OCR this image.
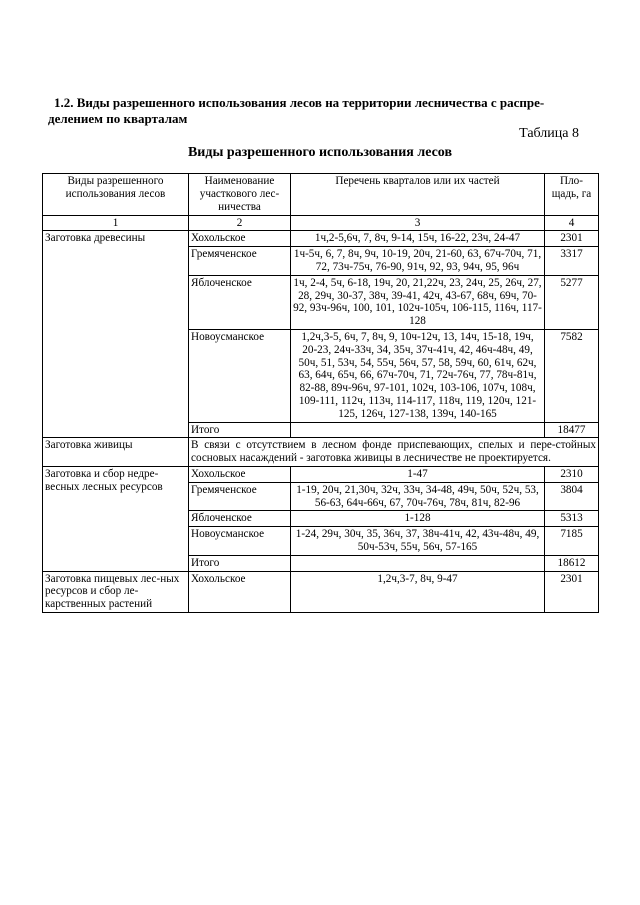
1.2. Виды разрешенного использования лесов на территории лесничества с распре-делением по кварталам
Таблица 8
Виды разрешенного использования лесов
Виды разрешенного использования лесов	Наименование участкового лес-ничества	Перечень кварталов или их частей	Пло-щадь, га
1	2	3	4
Заготовка древесины	Хохольское	1ч,2-5,6ч, 7, 8ч, 9-14, 15ч, 16-22, 23ч, 24-47	2301
	Гремяченское	1ч-5ч, 6, 7, 8ч, 9ч, 10-19, 20ч, 21-60, 63, 67ч-70ч, 71, 72, 73ч-75ч, 76-90, 91ч, 92, 93, 94ч, 95, 96ч	3317
	Яблоченское	1ч, 2-4, 5ч, 6-18, 19ч, 20, 21,22ч, 23, 24ч, 25, 26ч, 27, 28, 29ч, 30-37, 38ч, 39-41, 42ч, 43-67, 68ч, 69ч, 70-92, 93ч-96ч, 100, 101, 102ч-105ч, 106-115, 116ч, 117-128	5277
	Новоусманское	1,2ч,3-5, 6ч, 7, 8ч, 9, 10ч-12ч, 13, 14ч, 15-18, 19ч, 20-23, 24ч-33ч, 34, 35ч, 37ч-41ч, 42, 46ч-48ч, 49, 50ч, 51, 53ч, 54, 55ч, 56ч, 57, 58, 59ч, 60, 61ч, 62ч, 63, 64ч, 65ч, 66, 67ч-70ч, 71, 72ч-76ч, 77, 78ч-81ч, 82-88, 89ч-96ч, 97-101, 102ч, 103-106, 107ч, 108ч, 109-111, 112ч, 113ч, 114-117, 118ч, 119, 120ч, 121-125, 126ч, 127-138, 139ч, 140-165	7582
	Итого		18477
Заготовка живицы	В связи с отсутствием в лесном фонде приспевающих, спелых и пере-стойных сосновых насаждений - заготовка живицы в лесничестве не проектируется.		
Заготовка и сбор недре-весных лесных ресурсов	Хохольское	1-47	2310
	Гремяченское	1-19, 20ч, 21,30ч, 32ч, 33ч, 34-48, 49ч, 50ч, 52ч, 53, 56-63, 64ч-66ч, 67, 70ч-76ч, 78ч, 81ч, 82-96	3804
	Яблоченское	1-128	5313
	Новоусманское	1-24, 29ч, 30ч, 35, 36ч, 37, 38ч-41ч, 42, 43ч-48ч, 49, 50ч-53ч, 55ч, 56ч, 57-165	7185
	Итого		18612
Заготовка пищевых лес-ных ресурсов и сбор ле-карственных растений	Хохольское	1,2ч,3-7, 8ч, 9-47	2301
